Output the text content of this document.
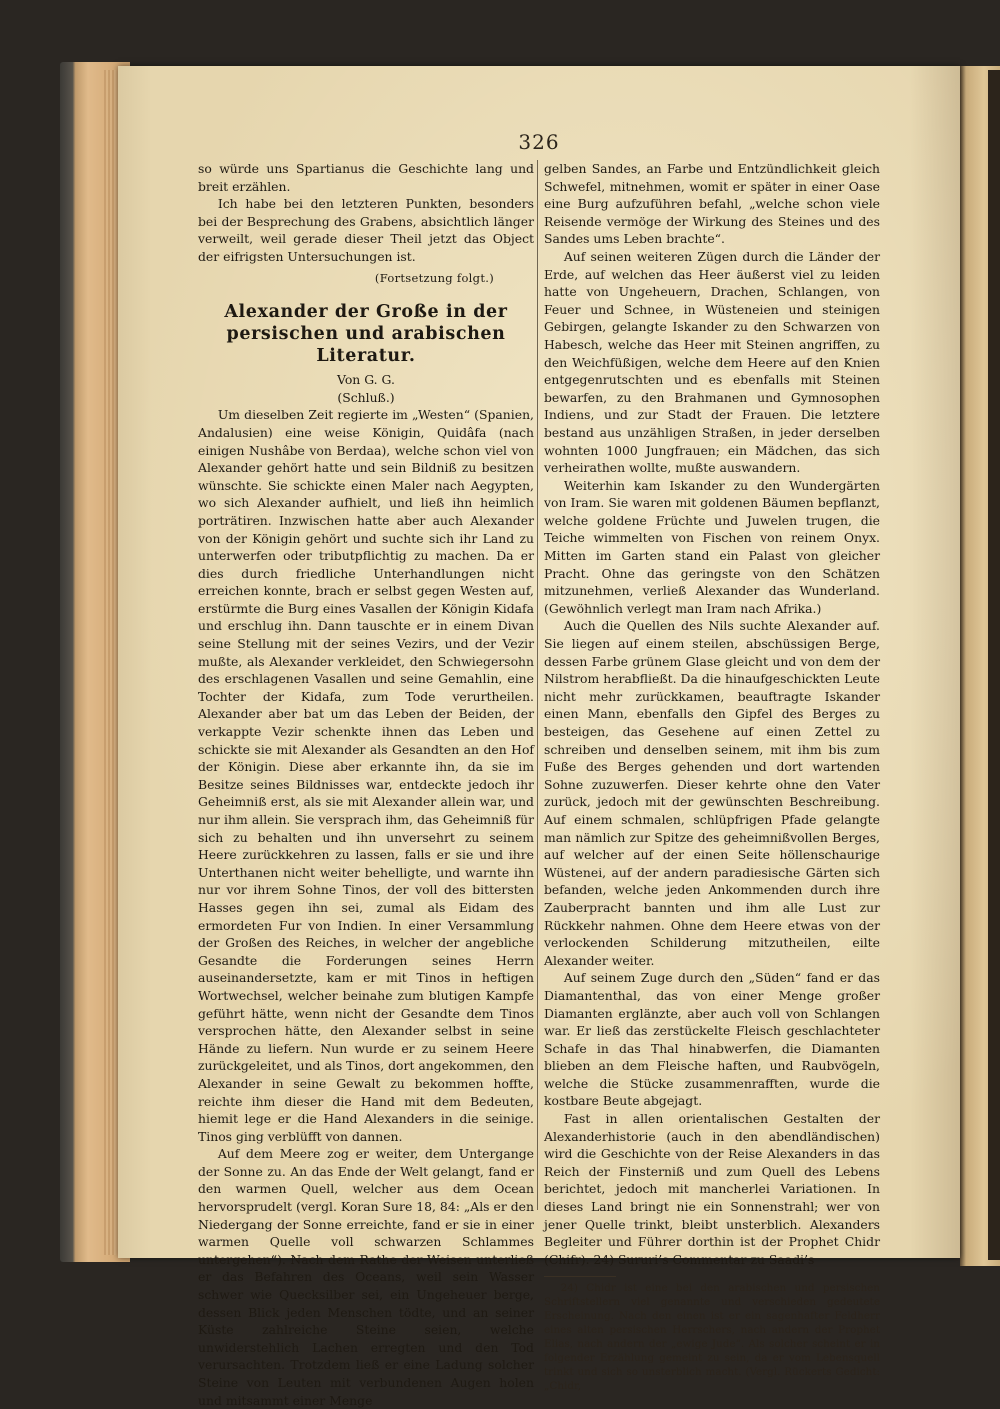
326

so würde uns Spartianus die Geschichte lang und breit erzählen.

Ich habe bei den letzteren Punkten, besonders bei der Besprechung des Grabens, absichtlich länger verweilt, weil gerade dieser Theil jetzt das Object der eifrigsten Untersuchungen ist.

(Fortsetzung folgt.)
Alexander der Große in der persischen und arabischen Literatur.

Von G. G.

(Schluß.)

Um dieselben Zeit regierte im „Westen“ (Spanien, Andalusien) eine weise Königin, Quidâfa (nach einigen Nushâbe von Berdaa), welche schon viel von Alexander gehört hatte und sein Bildniß zu besitzen wünschte. Sie schickte einen Maler nach Aegypten, wo sich Alexander aufhielt, und ließ ihn heimlich porträtiren. Inzwischen hatte aber auch Alexander von der Königin gehört und suchte sich ihr Land zu unterwerfen oder tributpflichtig zu machen. Da er dies durch friedliche Unterhandlungen nicht erreichen konnte, brach er selbst gegen Westen auf, erstürmte die Burg eines Vasallen der Königin Kidafa und erschlug ihn. Dann tauschte er in einem Divan seine Stellung mit der seines Vezirs, und der Vezir mußte, als Alexander verkleidet, den Schwiegersohn des erschlagenen Vasallen und seine Gemahlin, eine Tochter der Kidafa, zum Tode verurtheilen. Alexander aber bat um das Leben der Beiden, der verkappte Vezir schenkte ihnen das Leben und schickte sie mit Alexander als Gesandten an den Hof der Königin. Diese aber erkannte ihn, da sie im Besitze seines Bildnisses war, entdeckte jedoch ihr Geheimniß erst, als sie mit Alexander allein war, und nur ihm allein. Sie versprach ihm, das Geheimniß für sich zu behalten und ihn unversehrt zu seinem Heere zurückkehren zu lassen, falls er sie und ihre Unterthanen nicht weiter behelligte, und warnte ihn nur vor ihrem Sohne Tinos, der voll des bittersten Hasses gegen ihn sei, zumal als Eidam des ermordeten Fur von Indien. In einer Versammlung der Großen des Reiches, in welcher der angebliche Gesandte die Forderungen seines Herrn auseinandersetzte, kam er mit Tinos in heftigen Wortwechsel, welcher beinahe zum blutigen Kampfe geführt hätte, wenn nicht der Gesandte dem Tinos versprochen hätte, den Alexander selbst in seine Hände zu liefern. Nun wurde er zu seinem Heere zurückgeleitet, und als Tinos, dort angekommen, den Alexander in seine Gewalt zu bekommen hoffte, reichte ihm dieser die Hand mit dem Bedeuten, hiemit lege er die Hand Alexanders in die seinige. Tinos ging verblüfft von dannen.

Auf dem Meere zog er weiter, dem Untergange der Sonne zu. An das Ende der Welt gelangt, fand er den warmen Quell, welcher aus dem Ocean hervorsprudelt (vergl. Koran Sure 18, 84: „Als er den Niedergang der Sonne erreichte, fand er sie in einer warmen Quelle voll schwarzen Schlammes untergehen“). Nach dem Rathe der Weisen unterließ er das Befahren des Oceans, weil sein Wasser schwer wie Quecksilber sei, ein Ungeheuer berge, dessen Blick jeden Menschen tödte, und an seiner Küste zahlreiche Steine seien, welche unwiderstehlich Lachen erregten und den Tod verursachten. Trotzdem ließ er eine Ladung solcher Steine von Leuten mit verbundenen Augen holen und mitsammt einer Menge

gelben Sandes, an Farbe und Entzündlichkeit gleich Schwefel, mitnehmen, womit er später in einer Oase eine Burg aufzuführen befahl, „welche schon viele Reisende vermöge der Wirkung des Steines und des Sandes ums Leben brachte“.

Auf seinen weiteren Zügen durch die Länder der Erde, auf welchen das Heer äußerst viel zu leiden hatte von Ungeheuern, Drachen, Schlangen, von Feuer und Schnee, in Wüsteneien und steinigen Gebirgen, gelangte Iskander zu den Schwarzen von Habesch, welche das Heer mit Steinen angriffen, zu den Weichfüßigen, welche dem Heere auf den Knien entgegenrutschten und es ebenfalls mit Steinen bewarfen, zu den Brahmanen und Gymnosophen Indiens, und zur Stadt der Frauen. Die letztere bestand aus unzähligen Straßen, in jeder derselben wohnten 1000 Jungfrauen; ein Mädchen, das sich verheirathen wollte, mußte auswandern.

Weiterhin kam Iskander zu den Wundergärten von Iram. Sie waren mit goldenen Bäumen bepflanzt, welche goldene Früchte und Juwelen trugen, die Teiche wimmelten von Fischen von reinem Onyx. Mitten im Garten stand ein Palast von gleicher Pracht. Ohne das geringste von den Schätzen mitzunehmen, verließ Alexander das Wunderland. (Gewöhnlich verlegt man Iram nach Afrika.)

Auch die Quellen des Nils suchte Alexander auf. Sie liegen auf einem steilen, abschüssigen Berge, dessen Farbe grünem Glase gleicht und von dem der Nilstrom herabfließt. Da die hinaufgeschickten Leute nicht mehr zurückkamen, beauftragte Iskander einen Mann, ebenfalls den Gipfel des Berges zu besteigen, das Gesehene auf einen Zettel zu schreiben und denselben seinem, mit ihm bis zum Fuße des Berges gehenden und dort wartenden Sohne zuzuwerfen. Dieser kehrte ohne den Vater zurück, jedoch mit der gewünschten Beschreibung. Auf einem schmalen, schlüpfrigen Pfade gelangte man nämlich zur Spitze des geheimnißvollen Berges, auf welcher auf der einen Seite höllenschaurige Wüstenei, auf der andern paradiesische Gärten sich befanden, welche jeden Ankommenden durch ihre Zauberpracht bannten und ihm alle Lust zur Rückkehr nahmen. Ohne dem Heere etwas von der verlockenden Schilderung mitzutheilen, eilte Alexander weiter.

Auf seinem Zuge durch den „Süden“ fand er das Diamantenthal, das von einer Menge großer Diamanten erglänzte, aber auch voll von Schlangen war. Er ließ das zerstückelte Fleisch geschlachteter Schafe in das Thal hinabwerfen, die Diamanten blieben an dem Fleische haften, und Raubvögeln, welche die Stücke zusammenrafften, wurde die kostbare Beute abgejagt.

Fast in allen orientalischen Gestalten der Alexanderhistorie (auch in den abendländischen) wird die Geschichte von der Reise Alexanders in das Reich der Finsterniß und zum Quell des Lebens berichtet, jedoch mit mancherlei Variationen. In dieses Land bringt nie ein Sonnenstrahl; wer von jener Quelle trinkt, bleibt unsterblich. Alexanders Begleiter und Führer dorthin ist der Prophet Chidr (Chifr). 24) Sururi’s Commentar zu Saadi’s

24) Chidr ist eine bei den arabischen und persischen Schriftstellern viel genannte und verschieden gedeutete Erscheinung. Nach den einen ist er ein sagenhafter Feldherr eines alten persischen Herrschers, nach andern der Prophet Elias, nach andern der „ewige Jude“. Als solcher scheint er in folgender Erzählung gemeint zu sein, da er vom Lebensquell trinkt und sich so unsterblich macht. (Vergl. Rückerts Gedicht: „Chidr,
